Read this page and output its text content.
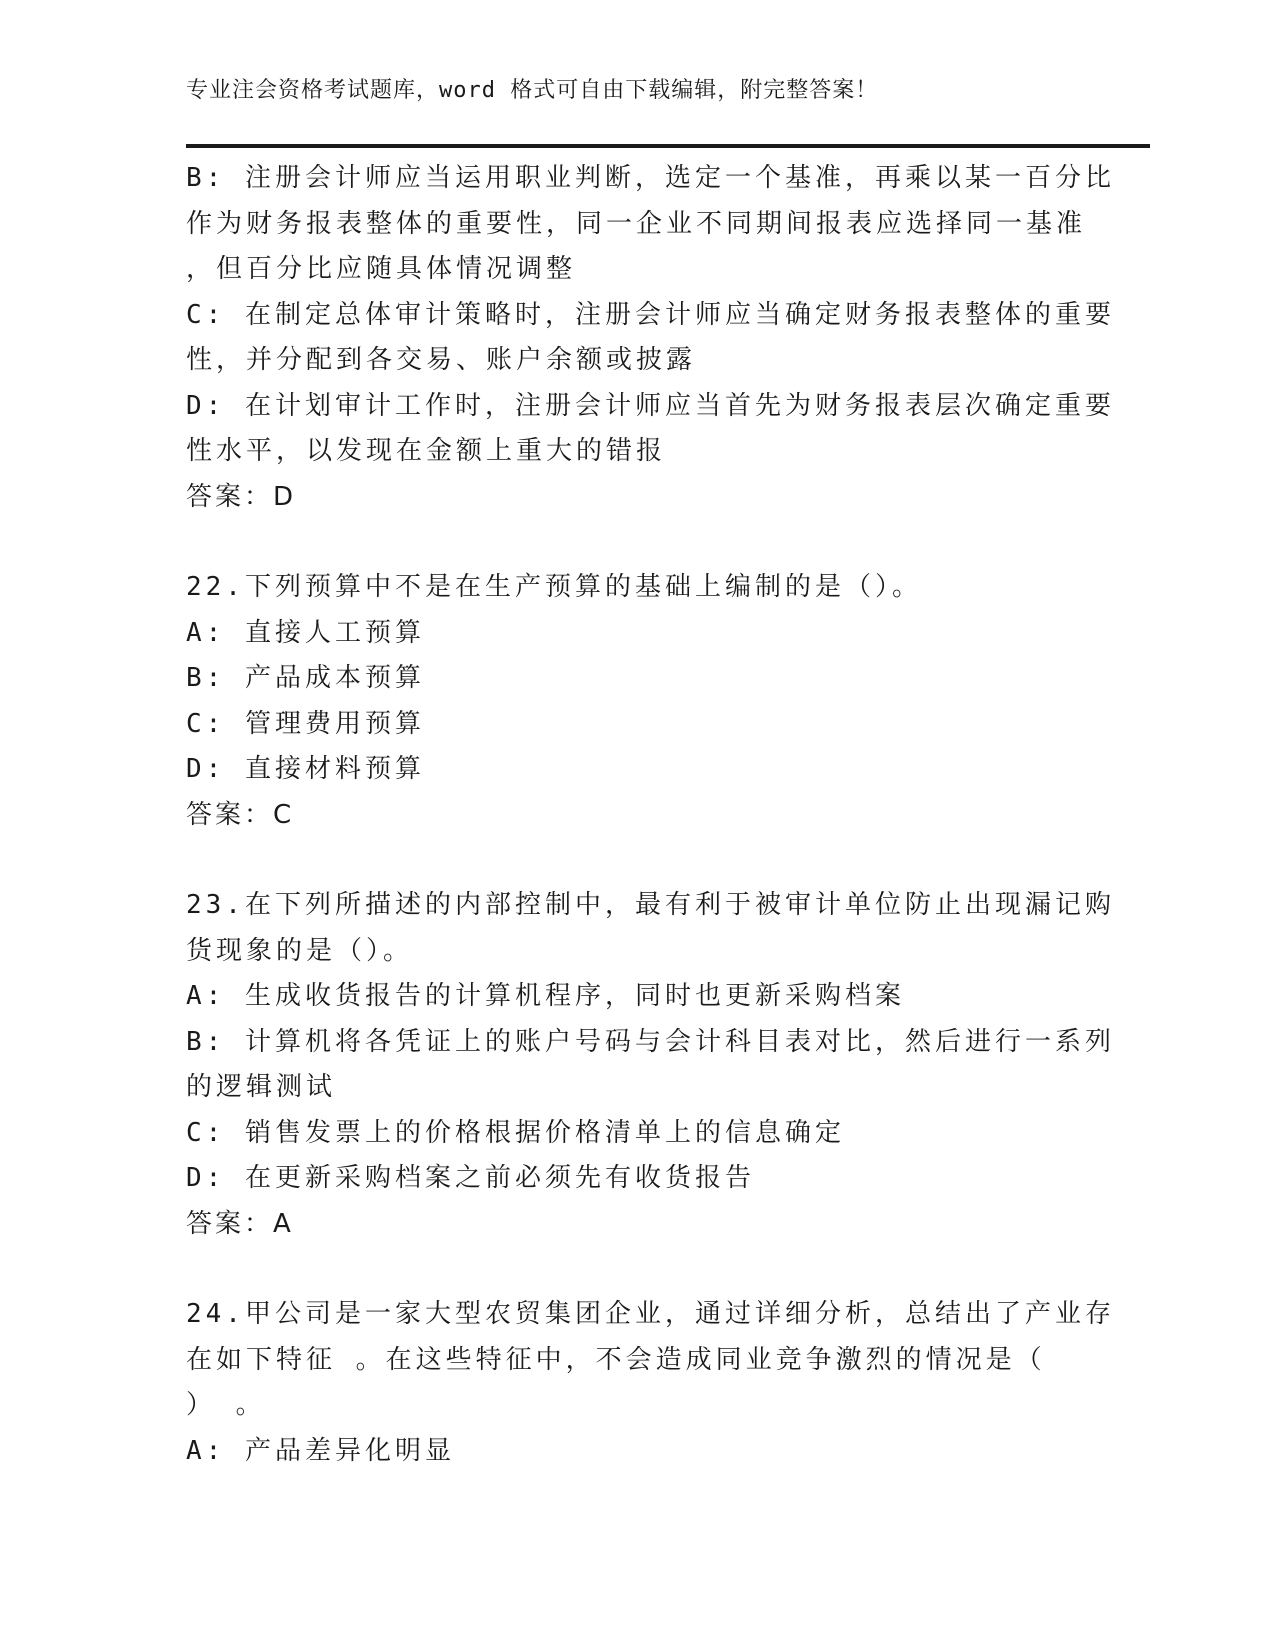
专业注会资格考试题库，word 格式可自由下载编辑，附完整答案！

B: 注册会计师应当运用职业判断，选定一个基准，再乘以某一百分比

作为财务报表整体的重要性，同一企业不同期间报表应选择同一基准

，但百分比应随具体情况调整

C: 在制定总体审计策略时，注册会计师应当确定财务报表整体的重要

性，并分配到各交易、账户余额或披露

D: 在计划审计工作时，注册会计师应当首先为财务报表层次确定重要

性水平，以发现在金额上重大的错报

答案：D

22.下列预算中不是在生产预算的基础上编制的是（）。

A: 直接人工预算

B: 产品成本预算

C: 管理费用预算

D: 直接材料预算

答案：C

23.在下列所描述的内部控制中，最有利于被审计单位防止出现漏记购

货现象的是（）。

A: 生成收货报告的计算机程序，同时也更新采购档案

B: 计算机将各凭证上的账户号码与会计科目表对比，然后进行一系列

的逻辑测试

C: 销售发票上的价格根据价格清单上的信息确定

D: 在更新采购档案之前必须先有收货报告

答案：A

24.甲公司是一家大型农贸集团企业，通过详细分析，总结出了产业存

在如下特征 。在这些特征中，不会造成同业竞争激烈的情况是（

） 。

A: 产品差异化明显
